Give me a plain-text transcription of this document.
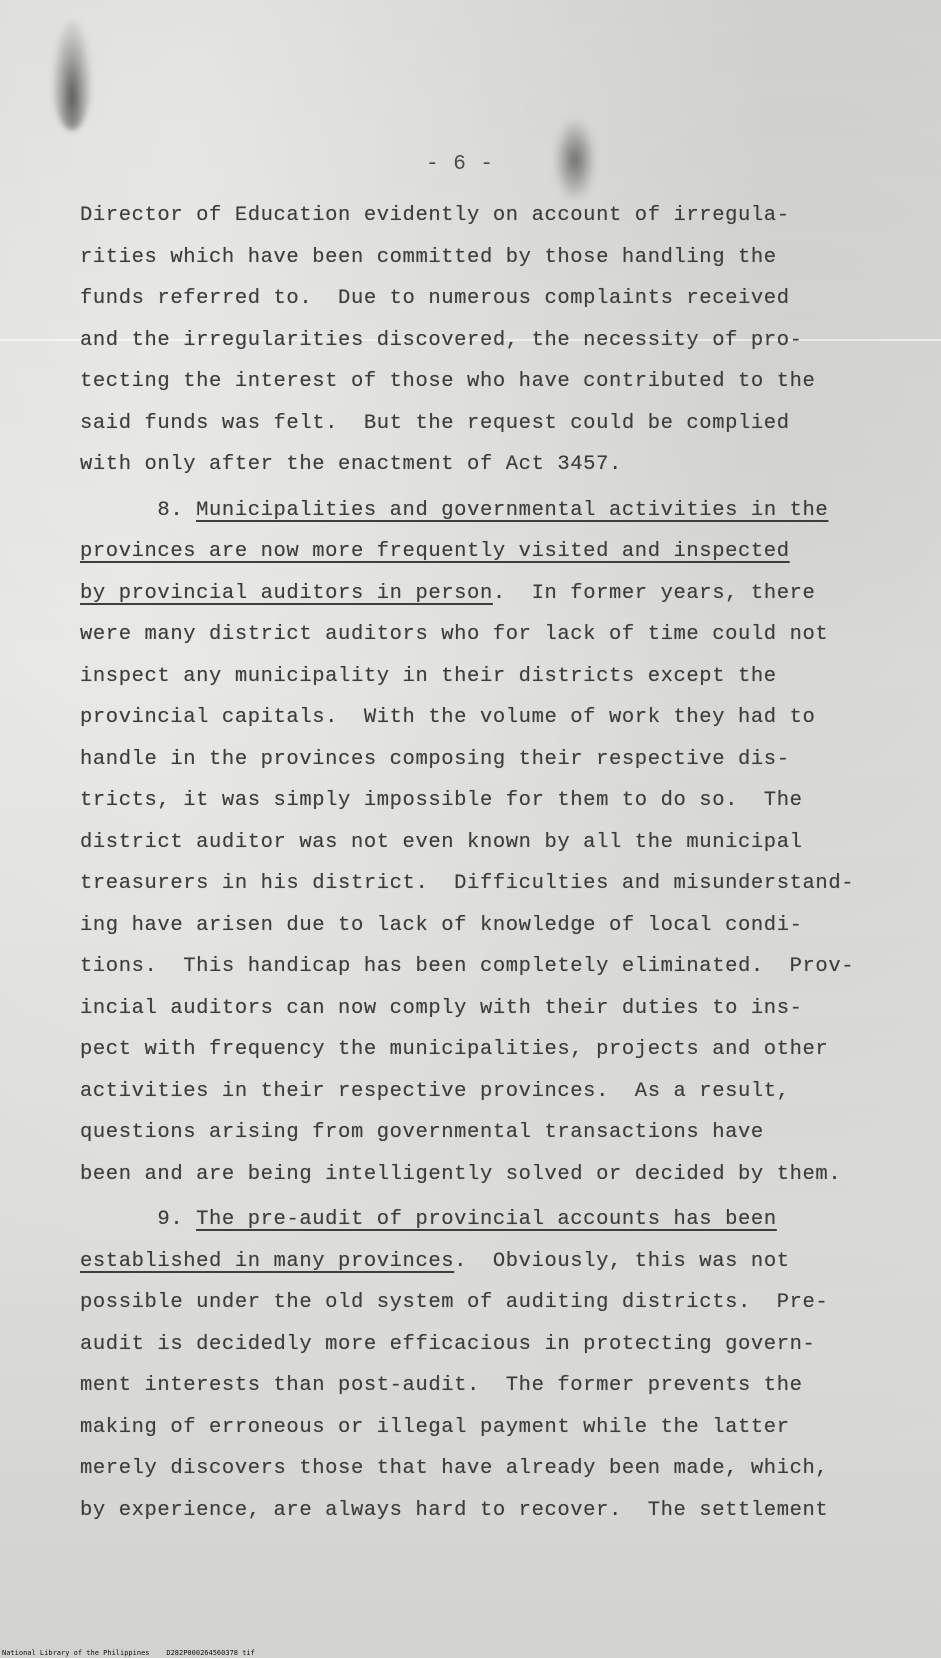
- 6 -
Director of Education evidently on account of irregula-
rities which have been committed by those handling the
funds referred to.  Due to numerous complaints received
and the irregularities discovered, the necessity of pro-
tecting the interest of those who have contributed to the
said funds was felt.  But the request could be complied
with only after the enactment of Act 3457.
8. Municipalities and governmental activities in the
provinces are now more frequently visited and inspected
by provincial auditors in person.  In former years, there
were many district auditors who for lack of time could not
inspect any municipality in their districts except the
provincial capitals.  With the volume of work they had to
handle in the provinces composing their respective dis-
tricts, it was simply impossible for them to do so.  The
district auditor was not even known by all the municipal
treasurers in his district.  Difficulties and misunderstand-
ing have arisen due to lack of knowledge of local condi-
tions.  This handicap has been completely eliminated.  Prov-
incial auditors can now comply with their duties to ins-
pect with frequency the municipalities, projects and other
activities in their respective provinces.  As a result,
questions arising from governmental transactions have
been and are being intelligently solved or decided by them.
9. The pre-audit of provincial accounts has been
established in many provinces.  Obviously, this was not
possible under the old system of auditing districts.  Pre-
audit is decidedly more efficacious in protecting govern-
ment interests than post-audit.  The former prevents the
making of erroneous or illegal payment while the latter
merely discovers those that have already been made, which,
by experience, are always hard to recover.  The settlement
National Library of the Philippines    D282P000264560378 tif
